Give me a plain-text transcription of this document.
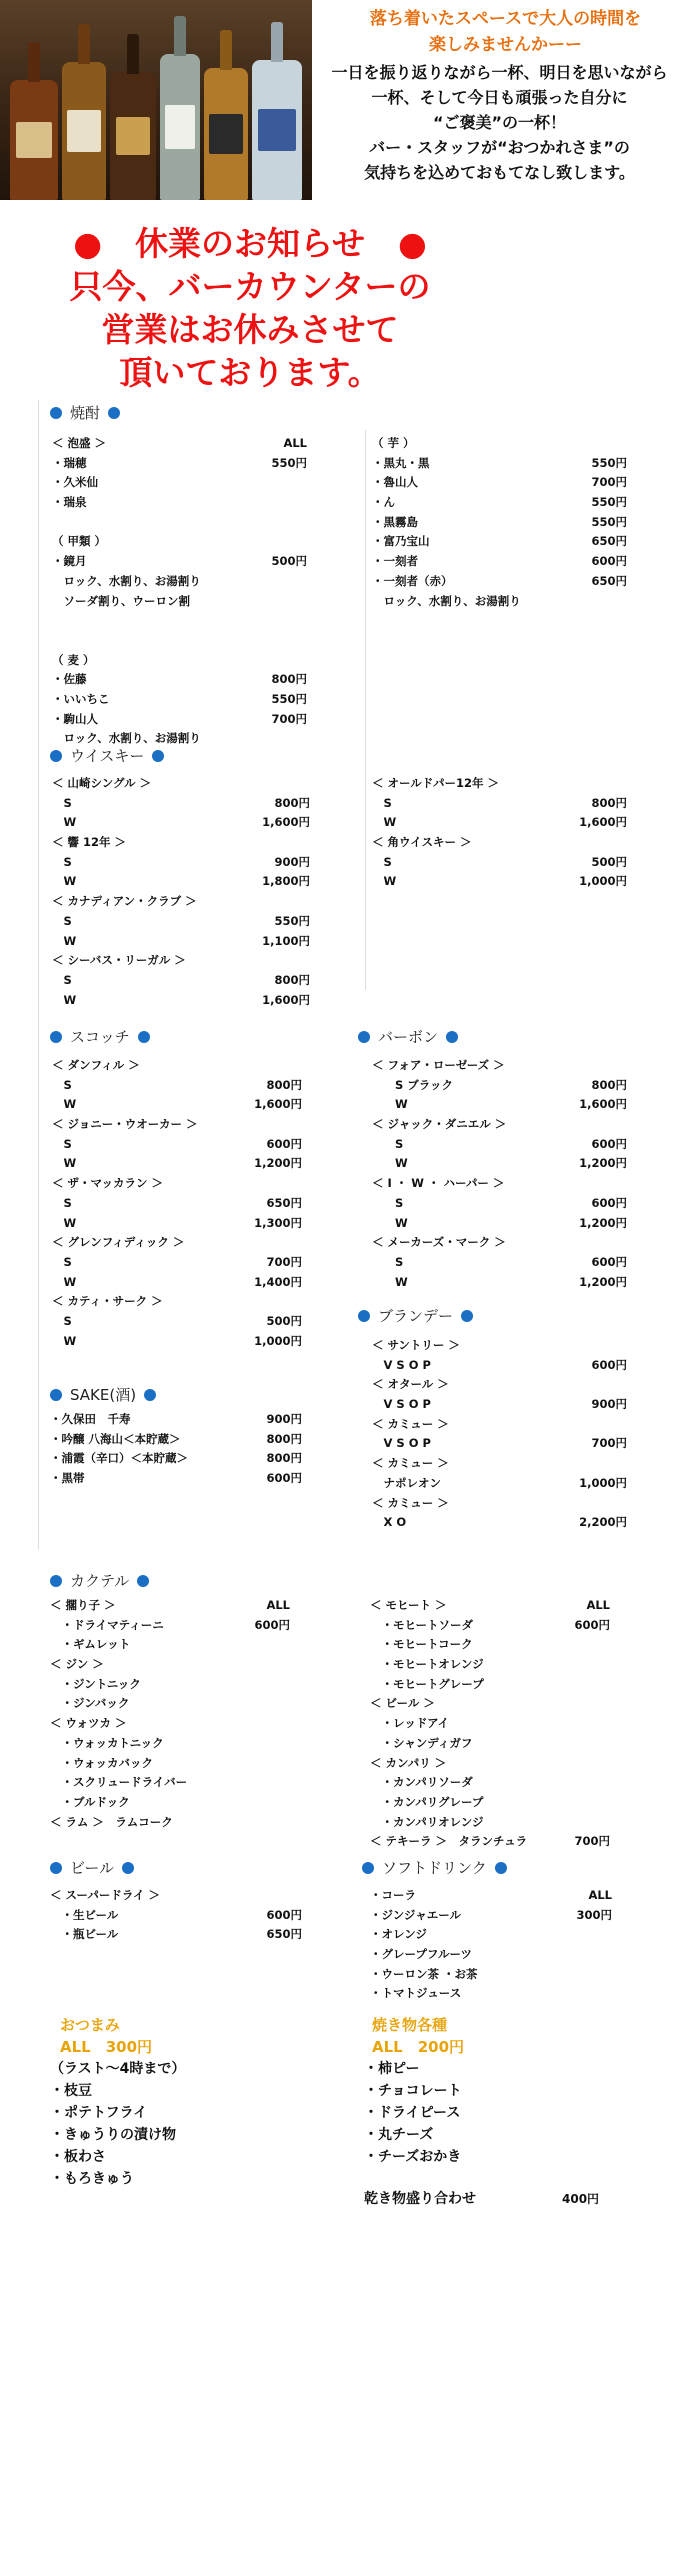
落ち着いたスペースで大人の時間を
楽しみませんかーー
一日を振り返りながら一杯、明日を思いながら
一杯、そして今日も頑張った自分に
“ご褒美”の一杯！
バー・スタッフが“おつかれさま”の
気持ちを込めておもてなし致します。
●　休業のお知らせ　●
只今、バーカウンターの
営業はお休みさせて
頂いております。
焼酎
ウイスキー
スコッチ	バーボン
ブランデー
SAKE(酒)
カクテル
ビール	ソフトドリンク
＜ 泡盛 ＞	ALL
・瑞穂	550円
・久米仙
・瑞泉
（ 甲類 ）
・鏡月	500円
　ロック、水割り、お湯割り
　ソーダ割り、ウーロン割
（ 麦 ）
・佐藤	800円
・いいちこ	550円
・駒山人	700円
　ロック、水割り、お湯割り
（ 芋 ）
・黒丸・黒	550円
・魯山人	700円
・ん	550円
・黒霧島	550円
・富乃宝山	650円
・一刻者	600円
・一刻者（赤）	650円
　ロック、水割り、お湯割り
＜ 山崎シングル ＞
　S	800円
　W	1,600円
＜ 響 12年 ＞
　S	900円
　W	1,800円
＜ カナディアン・クラブ ＞
　S	550円
　W	1,100円
＜ シーバス・リーガル ＞
　S	800円
　W	1,600円
＜ オールドパー12年 ＞
　S	800円
　W	1,600円
＜ 角ウイスキー ＞
　S	500円
　W	1,000円
＜ ダンフィル ＞
　S	800円
　W	1,600円
＜ ジョニー・ウオーカー ＞
　S	600円
　W	1,200円
＜ ザ・マッカラン ＞
　S	650円
　W	1,300円
＜ グレンフィディック ＞
　S	700円
　W	1,400円
＜ カティ・サーク ＞
　S	500円
　W	1,000円
＜ フォア・ローゼーズ ＞
　　S ブラック	800円
　　W	1,600円
＜ ジャック・ダニエル ＞
　　S	600円
　　W	1,200円
＜ I ・ W ・ ハーパー ＞
　　S	600円
　　W	1,200円
＜ メーカーズ・マーク ＞
　　S	600円
　　W	1,200円
＜ サントリー ＞
　V S O P	600円
＜ オタール ＞
　V S O P	900円
＜ カミュー ＞
　V S O P	700円
＜ カミュー ＞
　ナポレオン	1,000円
＜ カミュー ＞
　X O	2,200円
・久保田　千寿	900円
・吟醸 八海山＜本貯蔵＞	800円
・浦霞（辛口）＜本貯蔵＞	800円
・黒帯	600円
＜ 擱り子 ＞	ALL
　・ドライマティーニ	600円
　・ギムレット
＜ ジン ＞
　・ジントニック
　・ジンバック
＜ ウォツカ ＞
　・ウォッカトニック
　・ウォッカバック
　・スクリュードライバー
　・ブルドック
＜ ラム ＞　ラムコーク
＜ モヒート ＞	ALL
　・モヒートソーダ	600円
　・モヒートコーク
　・モヒートオレンジ
　・モヒートグレープ
＜ ビール ＞
　・レッドアイ
　・シャンディガフ
＜ カンパリ ＞
　・カンパリソーダ
　・カンパリグレープ
　・カンパリオレンジ
＜ テキーラ ＞　タランチュラ	700円
＜ スーパードライ ＞
　・生ビール	600円
　・瓶ビール	650円
・コーラ	ALL
・ジンジャエール	300円
・オレンジ
・グレープフルーツ
・ウーロン茶 ・お茶
・トマトジュース
おつまみ
ALL　300円
（ラスト～4時まで）
・枝豆
・ポテトフライ
・きゅうりの漬け物
・板わさ
・もろきゅう
焼き物各種
ALL　200円
・柿ピー
・チョコレート
・ドライピース
・丸チーズ
・チーズおかき
乾き物盛り合わせ	400円
